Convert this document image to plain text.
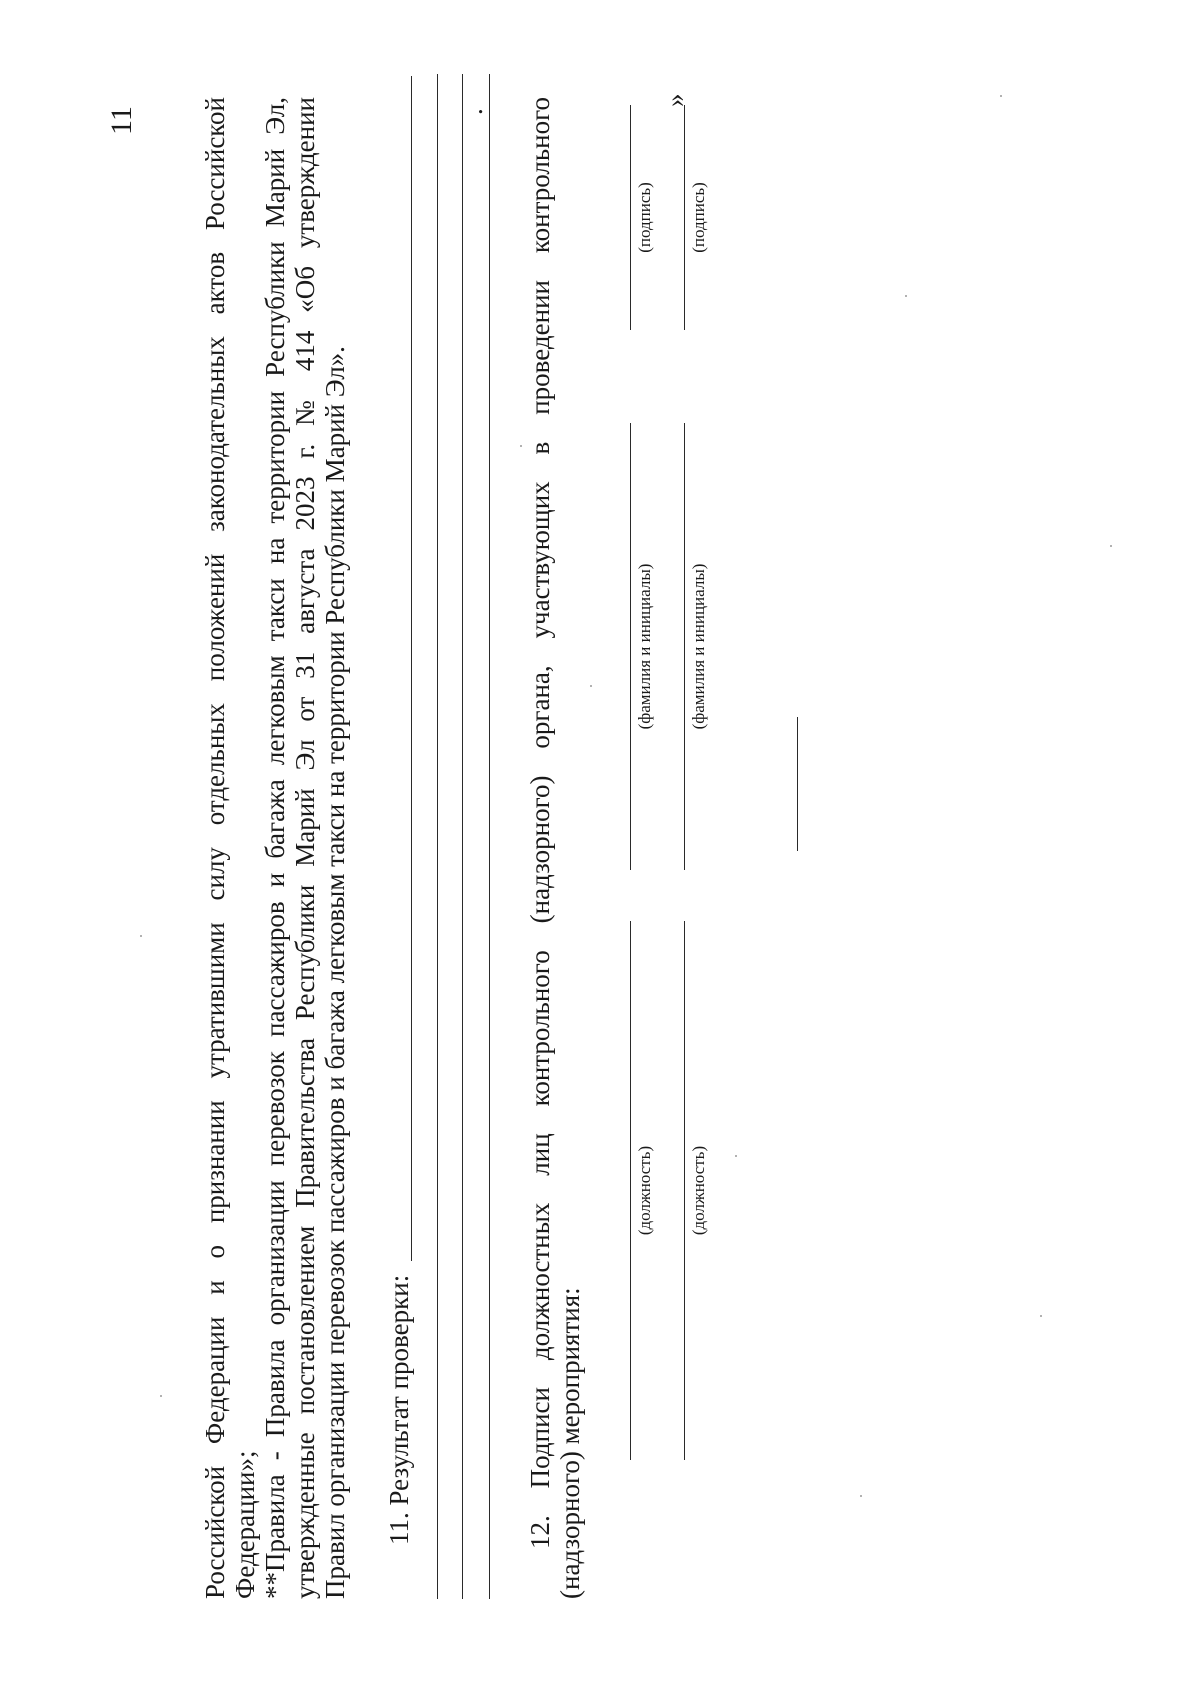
11 Российской Федерации и о признании утратившими силу отдельных положений законодательных актов Российской Федерации»; **Правила - Правила организации перевозок пассажиров и багажа легковым такси на территории Республики Марий Эл, утвержденные постановлением Правительства Республики Марий Эл от 31 августа 2023 г. № 414 «Об утверждении Правил организации перевозок пассажиров и багажа легковым такси на территории Республики Марий Эл». 11. Результат проверки:
. 12. Подписи должностных лиц контрольного (надзорного) органа, участвующих в проведении контрольного (надзорного) мероприятия:
(должность)
(фамилия и инициалы)
(подпись)
(должность)
(фамилия и инициалы)
(подпись)
»
